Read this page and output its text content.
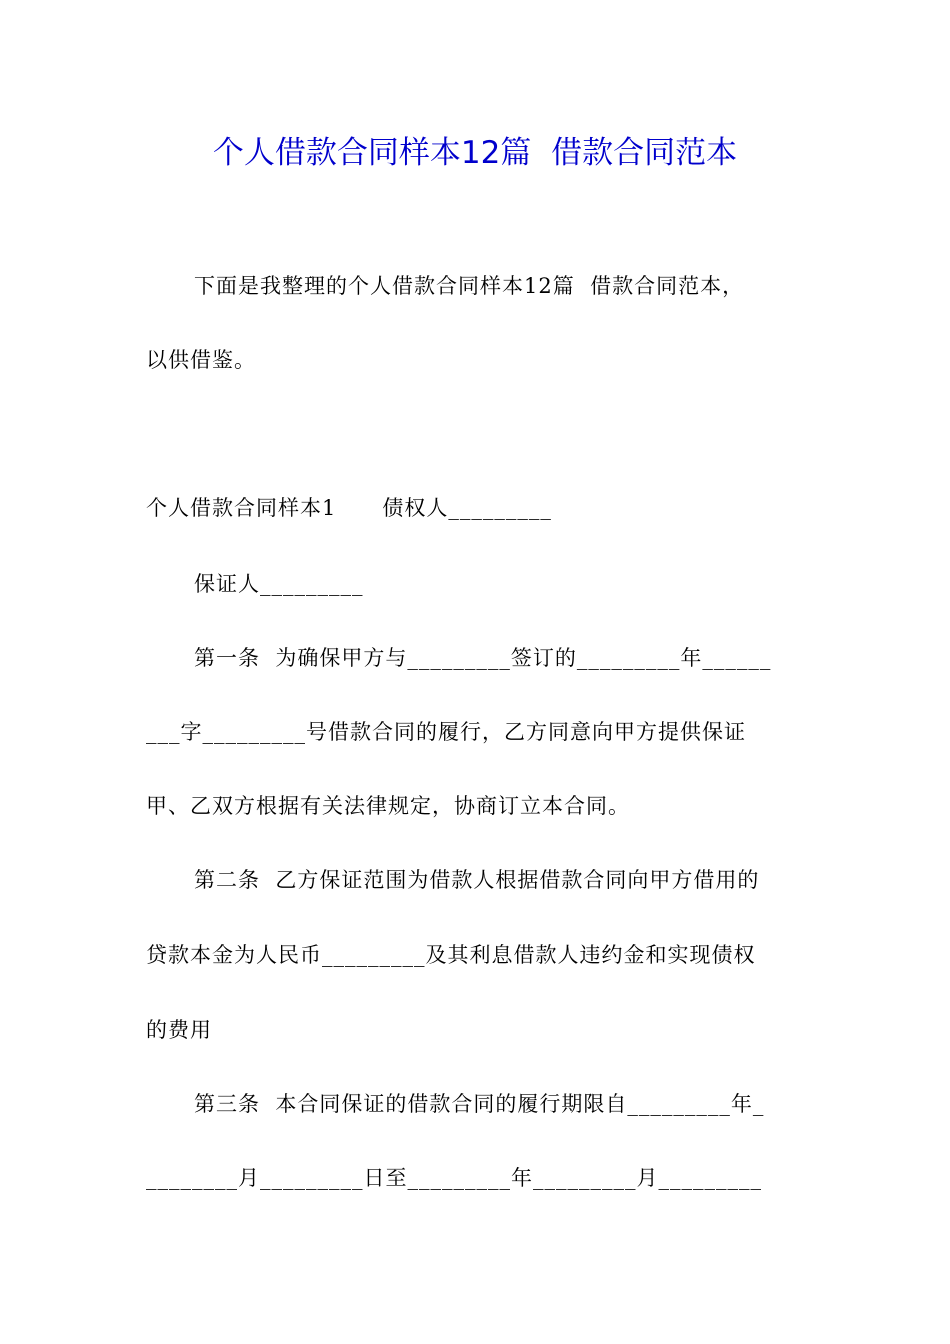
个人借款合同样本12篇  借款合同范本
下面是我整理的个人借款合同样本12篇  借款合同范本，
以供借鉴。
个人借款合同样本1      债权人_________
保证人_________
第一条  为确保甲方与_________签订的_________年______
___字_________号借款合同的履行，乙方同意向甲方提供保证
甲、乙双方根据有关法律规定，协商订立本合同。
第二条  乙方保证范围为借款人根据借款合同向甲方借用的
贷款本金为人民币_________及其利息借款人违约金和实现债权
的费用
第三条  本合同保证的借款合同的履行期限自_________年_
________月_________日至_________年_________月_________
